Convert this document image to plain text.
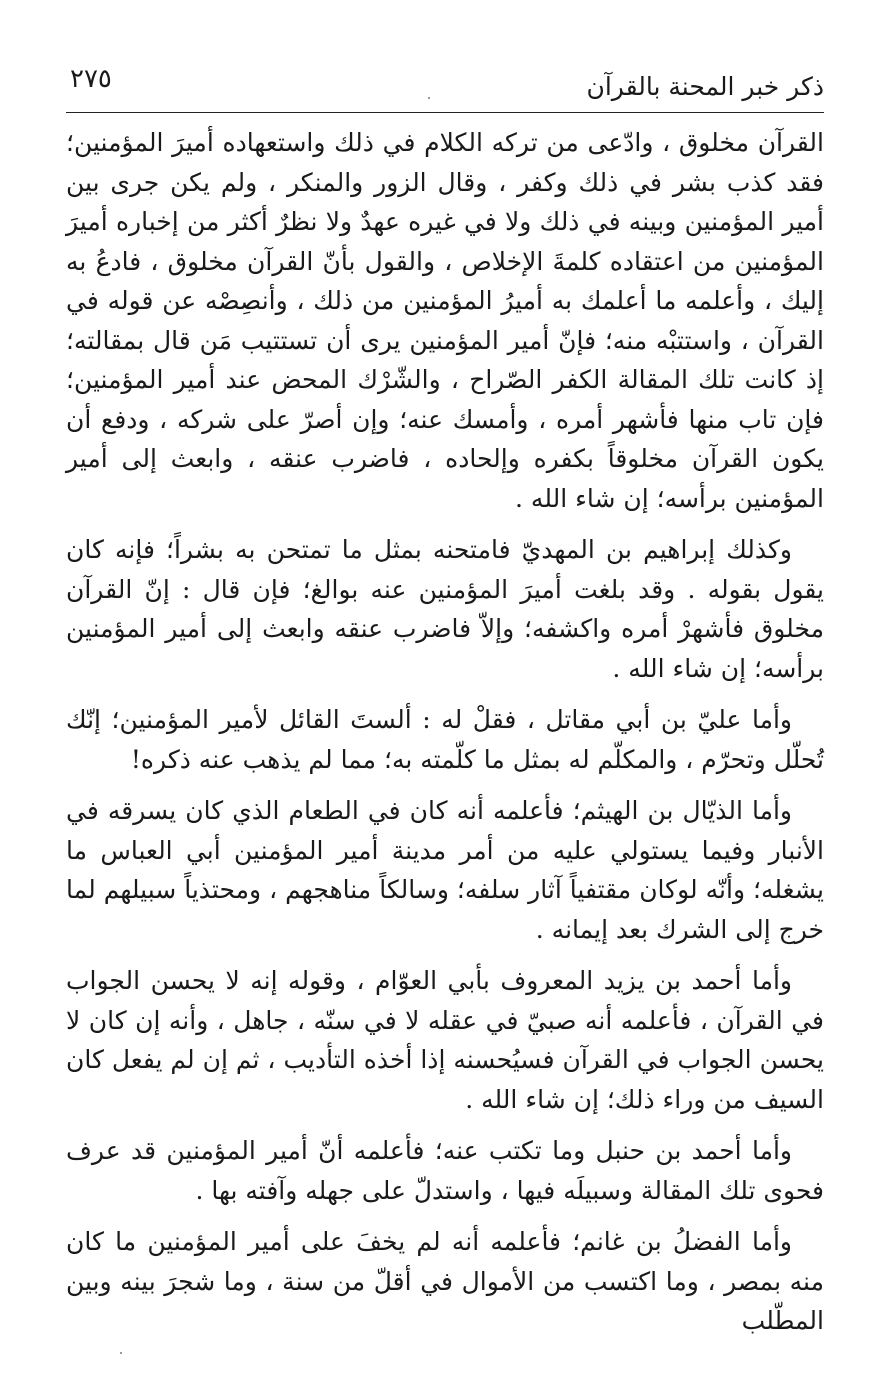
ذكر خبر المحنة بالقرآن
٢٧٥

القرآن مخلوق ، وادّعى من تركه الكلام في ذلك واستعهاده أميرَ المؤمنين؛ فقد كذب بشر في ذلك وكفر ، وقال الزور والمنكر ، ولم يكن جرى بين أمير المؤمنين وبينه في ذلك ولا في غيره عهدٌ ولا نظرٌ أكثر من إخباره أميرَ المؤمنين من اعتقاده كلمةَ الإخلاص ، والقول بأنّ القرآن مخلوق ، فادعُ به إليك ، وأعلمه ما أعلمك به أميرُ المؤمنين من ذلك ، وأنصِصْه عن قوله في القرآن ، واستتبْه منه؛ فإنّ أمير المؤمنين يرى أن تستتيب مَن قال بمقالته؛ إذ كانت تلك المقالة الكفر الصّراح ، والشّرْك المحض عند أمير المؤمنين؛ فإن تاب منها فأشهر أمره ، وأمسك عنه؛ وإن أصرّ على شركه ، ودفع أن يكون القرآن مخلوقاً بكفره وإلحاده ، فاضرب عنقه ، وابعث إلى أمير المؤمنين برأسه؛ إن شاء الله .

وكذلك إبراهيم بن المهديّ فامتحنه بمثل ما تمتحن به بشراً؛ فإنه كان يقول بقوله . وقد بلغت أميرَ المؤمنين عنه بوالغ؛ فإن قال : إنّ القرآن مخلوق فأشهرْ أمره واكشفه؛ وإلاّ فاضرب عنقه وابعث إلى أمير المؤمنين برأسه؛ إن شاء الله .

وأما عليّ بن أبي مقاتل ، فقلْ له : ألستَ القائل لأمير المؤمنين؛ إنّك تُحلّل وتحرّم ، والمكلّم له بمثل ما كلّمته به؛ مما لم يذهب عنه ذكره!

وأما الذيّال بن الهيثم؛ فأعلمه أنه كان في الطعام الذي كان يسرقه في الأنبار وفيما يستولي عليه من أمر مدينة أمير المؤمنين أبي العباس ما يشغله؛ وأنّه لوكان مقتفياً آثار سلفه؛ وسالكاً مناهجهم ، ومحتذياً سبيلهم لما خرج إلى الشرك بعد إيمانه .

وأما أحمد بن يزيد المعروف بأبي العوّام ، وقوله إنه لا يحسن الجواب في القرآن ، فأعلمه أنه صبيّ في عقله لا في سنّه ، جاهل ، وأنه إن كان لا يحسن الجواب في القرآن فسيُحسنه إذا أخذه التأديب ، ثم إن لم يفعل كان السيف من وراء ذلك؛ إن شاء الله .

وأما أحمد بن حنبل وما تكتب عنه؛ فأعلمه أنّ أمير المؤمنين قد عرف فحوى تلك المقالة وسبيلَه فيها ، واستدلّ على جهله وآفته بها .

وأما الفضلُ بن غانم؛ فأعلمه أنه لم يخفَ على أمير المؤمنين ما كان منه بمصر ، وما اكتسب من الأموال في أقلّ من سنة ، وما شجرَ بينه وبين المطّلب
